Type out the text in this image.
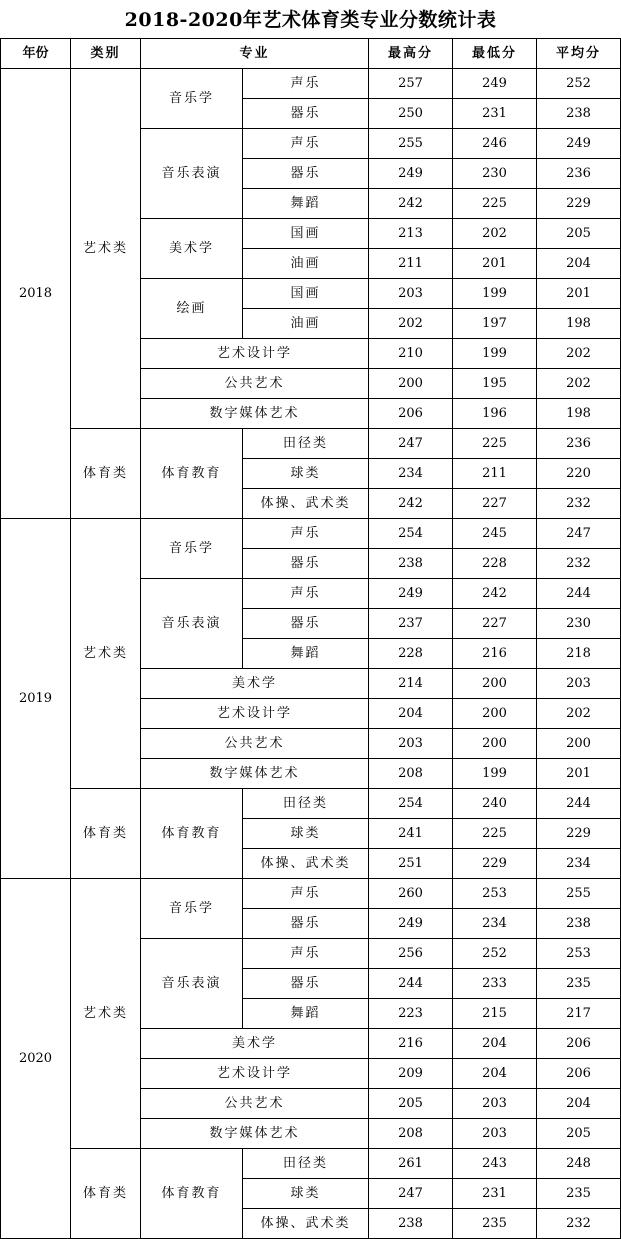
2018-2020年艺术体育类专业分数统计表
年份	类别	专业		最高分	最低分	平均分
2018	艺术类	音乐学	声乐	257	249	252
			器乐	250	231	238
		音乐表演	声乐	255	246	249
			器乐	249	230	236
			舞蹈	242	225	229
		美术学	国画	213	202	205
			油画	211	201	204
		绘画	国画	203	199	201
			油画	202	197	198
		艺术设计学		210	199	202
		公共艺术		200	195	202
		数字媒体艺术		206	196	198
	体育类	体育教育	田径类	247	225	236
			球类	234	211	220
			体操、武术类	242	227	232
2019	艺术类	音乐学	声乐	254	245	247
			器乐	238	228	232
		音乐表演	声乐	249	242	244
			器乐	237	227	230
			舞蹈	228	216	218
		美术学		214	200	203
		艺术设计学		204	200	202
		公共艺术		203	200	200
		数字媒体艺术		208	199	201
	体育类	体育教育	田径类	254	240	244
			球类	241	225	229
			体操、武术类	251	229	234
2020	艺术类	音乐学	声乐	260	253	255
			器乐	249	234	238
		音乐表演	声乐	256	252	253
			器乐	244	233	235
			舞蹈	223	215	217
		美术学		216	204	206
		艺术设计学		209	204	206
		公共艺术		205	203	204
		数字媒体艺术		208	203	205
	体育类	体育教育	田径类	261	243	248
			球类	247	231	235
			体操、武术类	238	235	232
